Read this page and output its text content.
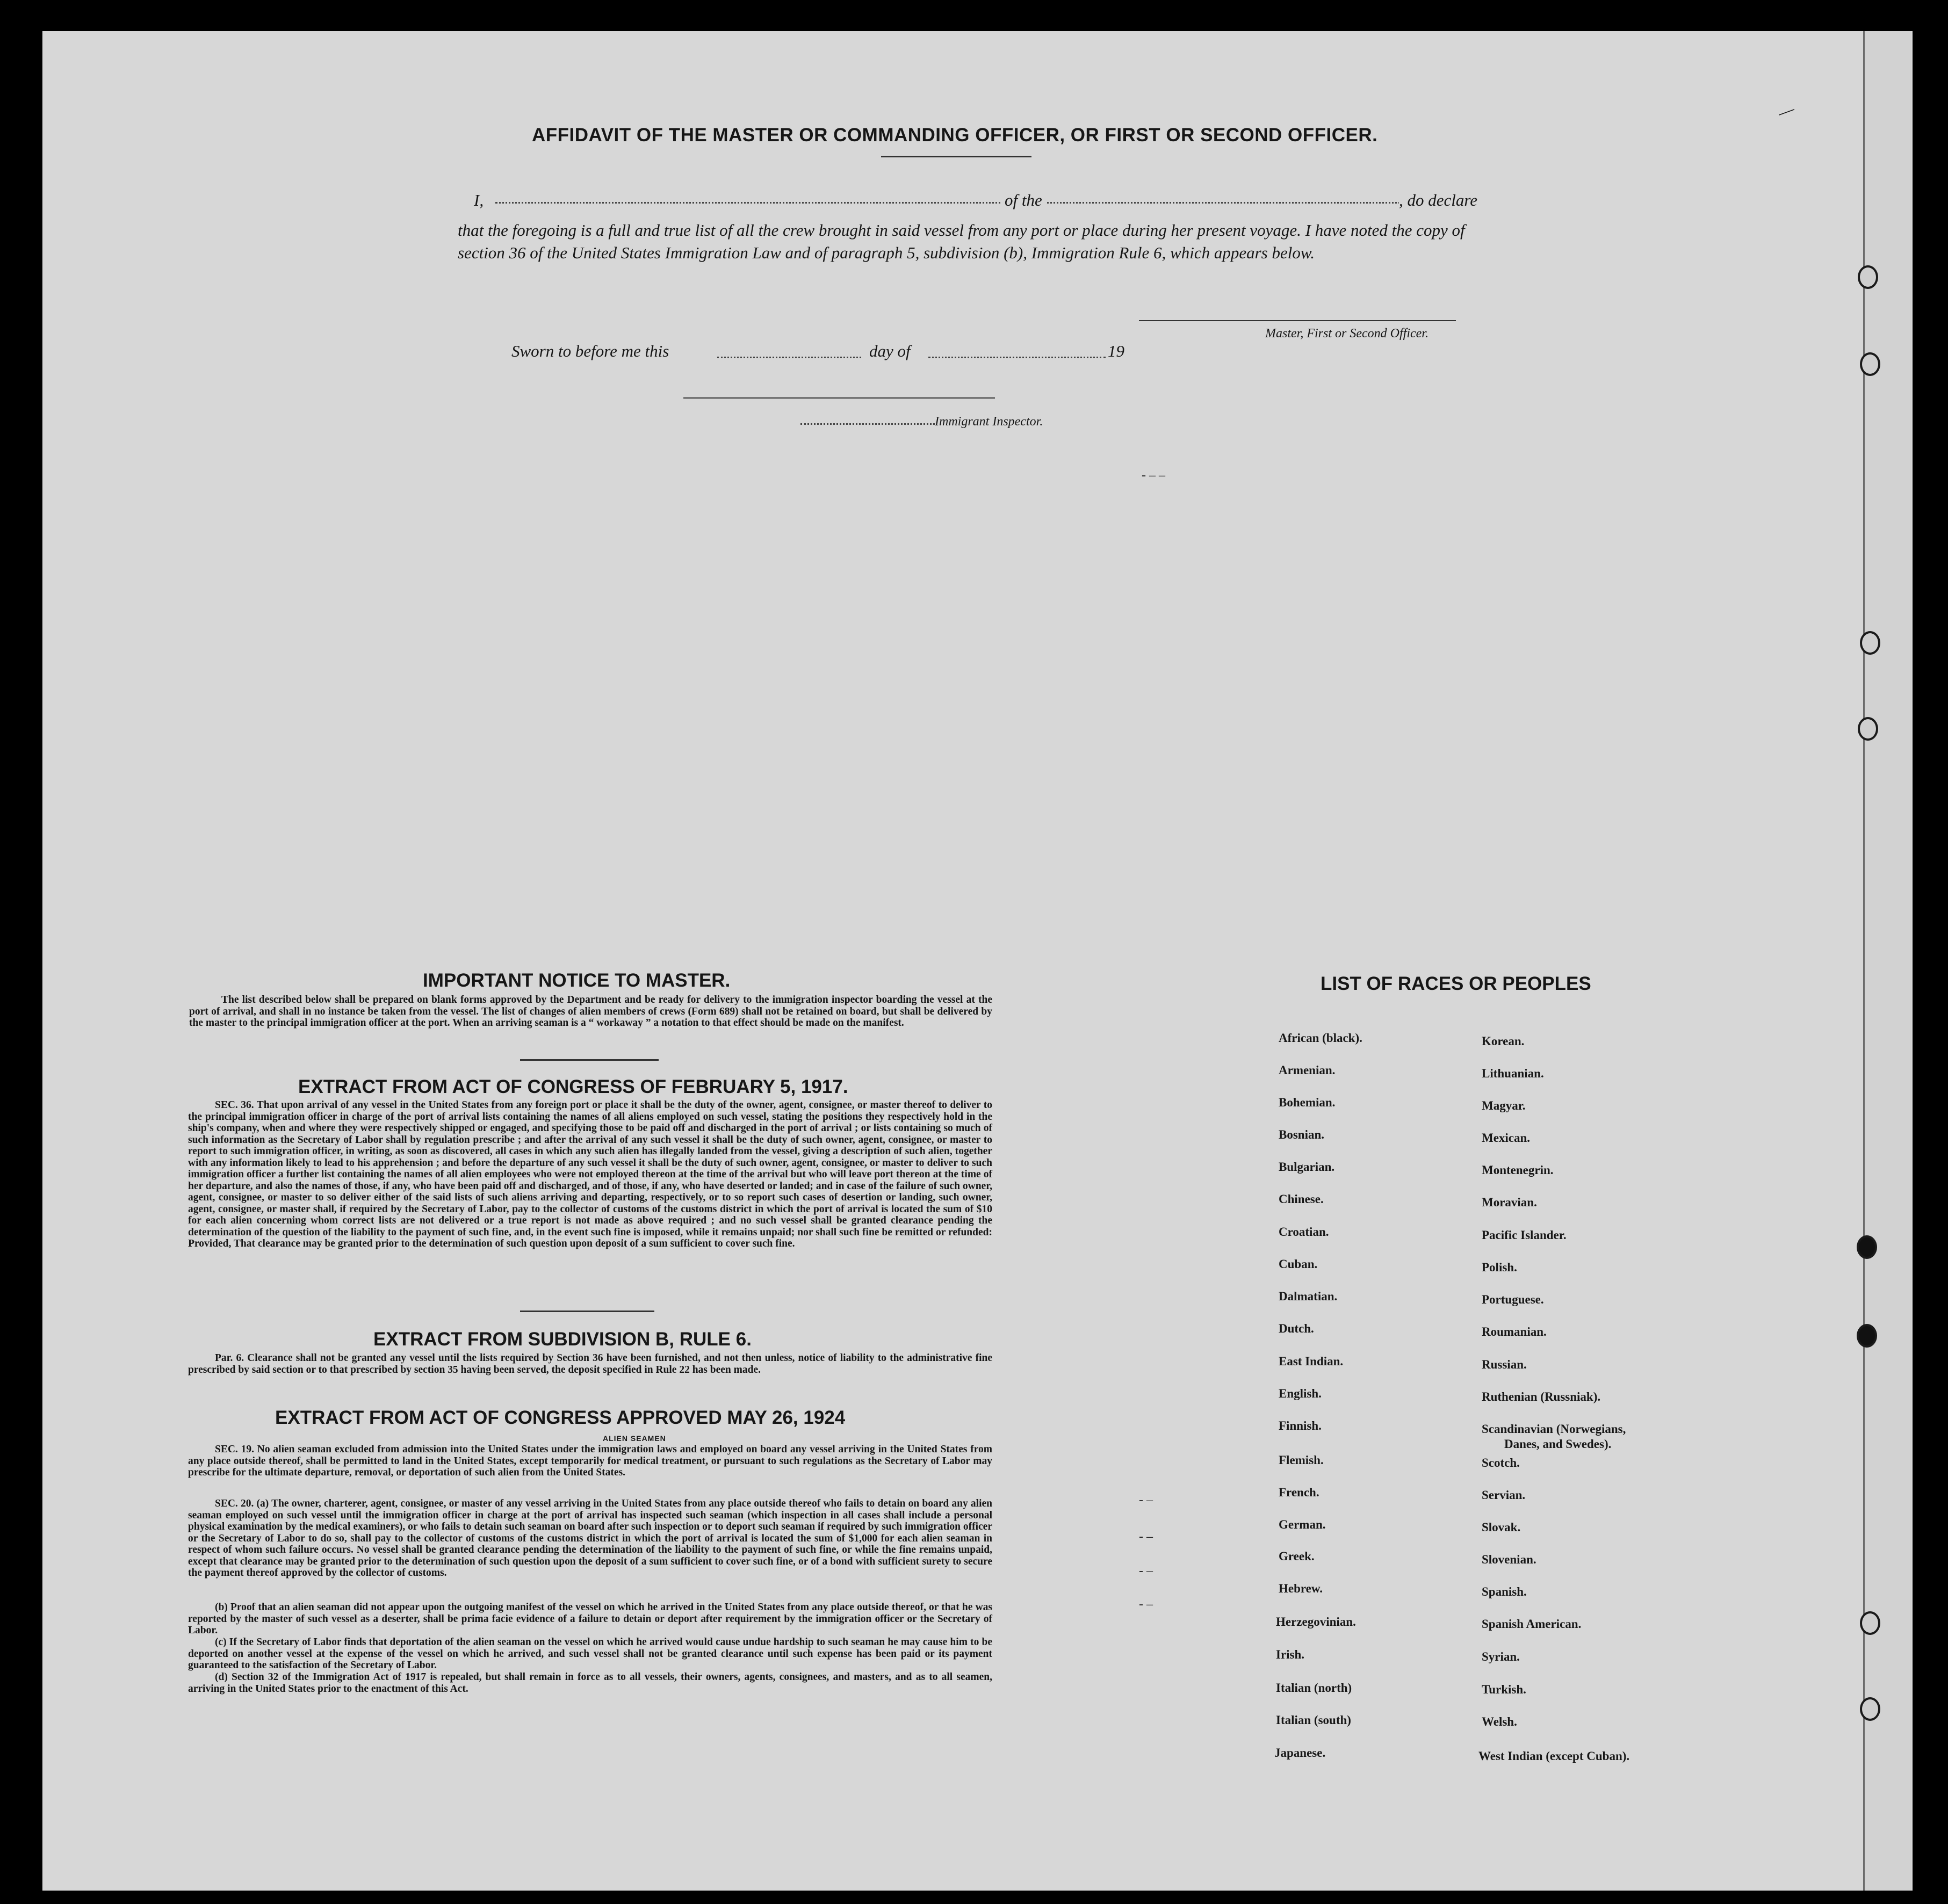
AFFIDAVIT OF THE MASTER OR COMMANDING OFFICER, OR FIRST OR SECOND OFFICER.
I,	of the	, do declare
that the foregoing is a full and true list of all the crew brought in said vessel from any port or place during her present voyage. I have noted the copy of section 36 of the United States Immigration Law and of paragraph 5, subdivision (b), Immigration Rule 6, which appears below.
Master, First or Second Officer.
Sworn to before me this	day of	19
Immigrant Inspector.
IMPORTANT NOTICE TO MASTER.
The list described below shall be prepared on blank forms approved by the Department and be ready for delivery to the immigration inspector boarding the vessel at the port of arrival, and shall in no instance be taken from the vessel. The list of changes of alien members of crews (Form 689) shall not be retained on board, but shall be delivered by the master to the principal immigration officer at the port. When an arriving seaman is a “ workaway ” a notation to that effect should be made on the manifest.
EXTRACT FROM ACT OF CONGRESS OF FEBRUARY 5, 1917.
SEC. 36. That upon arrival of any vessel in the United States from any foreign port or place it shall be the duty of the owner, agent, consignee, or master thereof to deliver to the principal immigration officer in charge of the port of arrival lists containing the names of all aliens employed on such vessel, stating the positions they respectively hold in the ship's company, when and where they were respectively shipped or engaged, and specifying those to be paid off and discharged in the port of arrival ; or lists containing so much of such information as the Secretary of Labor shall by regulation prescribe ; and after the arrival of any such vessel it shall be the duty of such owner, agent, consignee, or master to report to such immigration officer, in writing, as soon as discovered, all cases in which any such alien has illegally landed from the vessel, giving a description of such alien, together with any information likely to lead to his apprehension ; and before the departure of any such vessel it shall be the duty of such owner, agent, consignee, or master to deliver to such immigration officer a further list containing the names of all alien employees who were not employed thereon at the time of the arrival but who will leave port thereon at the time of her departure, and also the names of those, if any, who have been paid off and discharged, and of those, if any, who have deserted or landed; and in case of the failure of such owner, agent, consignee, or master to so deliver either of the said lists of such aliens arriving and departing, respectively, or to so report such cases of desertion or landing, such owner, agent, consignee, or master shall, if required by the Secretary of Labor, pay to the collector of customs of the customs district in which the port of arrival is located the sum of $10 for each alien concerning whom correct lists are not delivered or a true report is not made as above required ; and no such vessel shall be granted clearance pending the determination of the question of the liability to the payment of such fine, and, in the event such fine is imposed, while it remains unpaid; nor shall such fine be remitted or refunded: Provided, That clearance may be granted prior to the determination of such question upon deposit of a sum sufficient to cover such fine.
EXTRACT FROM SUBDIVISION B, RULE 6.
Par. 6. Clearance shall not be granted any vessel until the lists required by Section 36 have been furnished, and not then unless, notice of liability to the administrative fine prescribed by said section or to that prescribed by section 35 having been served, the deposit specified in Rule 22 has been made.
EXTRACT FROM ACT OF CONGRESS APPROVED MAY 26, 1924
ALIEN SEAMEN
SEC. 19. No alien seaman excluded from admission into the United States under the immigration laws and employed on board any vessel arriving in the United States from any place outside thereof, shall be permitted to land in the United States, except temporarily for medical treatment, or pursuant to such regulations as the Secretary of Labor may prescribe for the ultimate departure, removal, or deportation of such alien from the United States.
SEC. 20. (a) The owner, charterer, agent, consignee, or master of any vessel arriving in the United States from any place outside thereof who fails to detain on board any alien seaman employed on such vessel until the immigration officer in charge at the port of arrival has inspected such seaman (which inspection in all cases shall include a personal physical examination by the medical examiners), or who fails to detain such seaman on board after such inspection or to deport such seaman if required by such immigration officer or the Secretary of Labor to do so, shall pay to the collector of customs of the customs district in which the port of arrival is located the sum of $1,000 for each alien seaman in respect of whom such failure occurs. No vessel shall be granted clearance pending the determination of the liability to the payment of such fine, or while the fine remains unpaid, except that clearance may be granted prior to the determination of such question upon the deposit of a sum sufficient to cover such fine, or of a bond with sufficient surety to secure the payment thereof approved by the collector of customs.
(b) Proof that an alien seaman did not appear upon the outgoing manifest of the vessel on which he arrived in the United States from any place outside thereof, or that he was reported by the master of such vessel as a deserter, shall be prima facie evidence of a failure to detain or deport after requirement by the immigration officer or the Secretary of Labor.
(c) If the Secretary of Labor finds that deportation of the alien seaman on the vessel on which he arrived would cause undue hardship to such seaman he may cause him to be deported on another vessel at the expense of the vessel on which he arrived, and such vessel shall not be granted clearance until such expense has been paid or its payment guaranteed to the satisfaction of the Secretary of Labor.
(d) Section 32 of the Immigration Act of 1917 is repealed, but shall remain in force as to all vessels, their owners, agents, consignees, and masters, and as to all seamen, arriving in the United States prior to the enactment of this Act.
LIST OF RACES OR PEOPLES
African (black).
Armenian.
Bohemian.
Bosnian.
Bulgarian.
Chinese.
Croatian.
Cuban.
Dalmatian.
Dutch.
East Indian.
English.
Finnish.
Flemish.
French.
German.
Greek.
Hebrew.
Herzegovinian.
Irish.
Italian (north)
Italian (south)
Japanese.
Korean.
Lithuanian.
Magyar.
Mexican.
Montenegrin.
Moravian.
Pacific Islander.
Polish.
Portuguese.
Roumanian.
Russian.
Ruthenian (Russniak).
Scandinavian (Norwegians,
Danes, and Swedes).
Scotch.
Servian.
Slovak.
Slovenian.
Spanish.
Spanish American.
Syrian.
Turkish.
Welsh.
West Indian (except Cuban).
―
- – –
- –
- –
- –
- –
